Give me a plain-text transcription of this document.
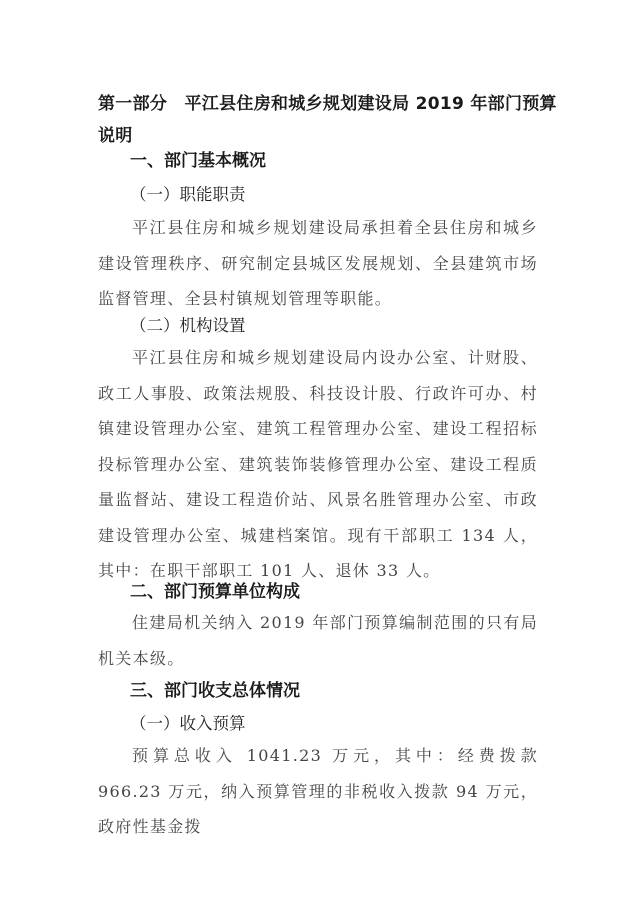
第一部分　平江县住房和城乡规划建设局 2019 年部门预算说明
一、部门基本概况
（一）职能职责

平江县住房和城乡规划建设局承担着全县住房和城乡建设管理秩序、研究制定县城区发展规划、全县建筑市场监督管理、全县村镇规划管理等职能。

（二）机构设置

平江县住房和城乡规划建设局内设办公室、计财股、政工人事股、政策法规股、科技设计股、行政许可办、村镇建设管理办公室、建筑工程管理办公室、建设工程招标投标管理办公室、建筑装饰装修管理办公室、建设工程质量监督站、建设工程造价站、风景名胜管理办公室、市政建设管理办公室、城建档案馆。现有干部职工 134 人，其中：在职干部职工 101 人、退休 33 人。

二、部门预算单位构成

住建局机关纳入 2019 年部门预算编制范围的只有局机关本级。

三、部门收支总体情况
（一）收入预算

预算总收入 1041.23 万元，其中：经费拨款 966.23 万元，纳入预算管理的非税收入拨款 94 万元，政府性基金拨
